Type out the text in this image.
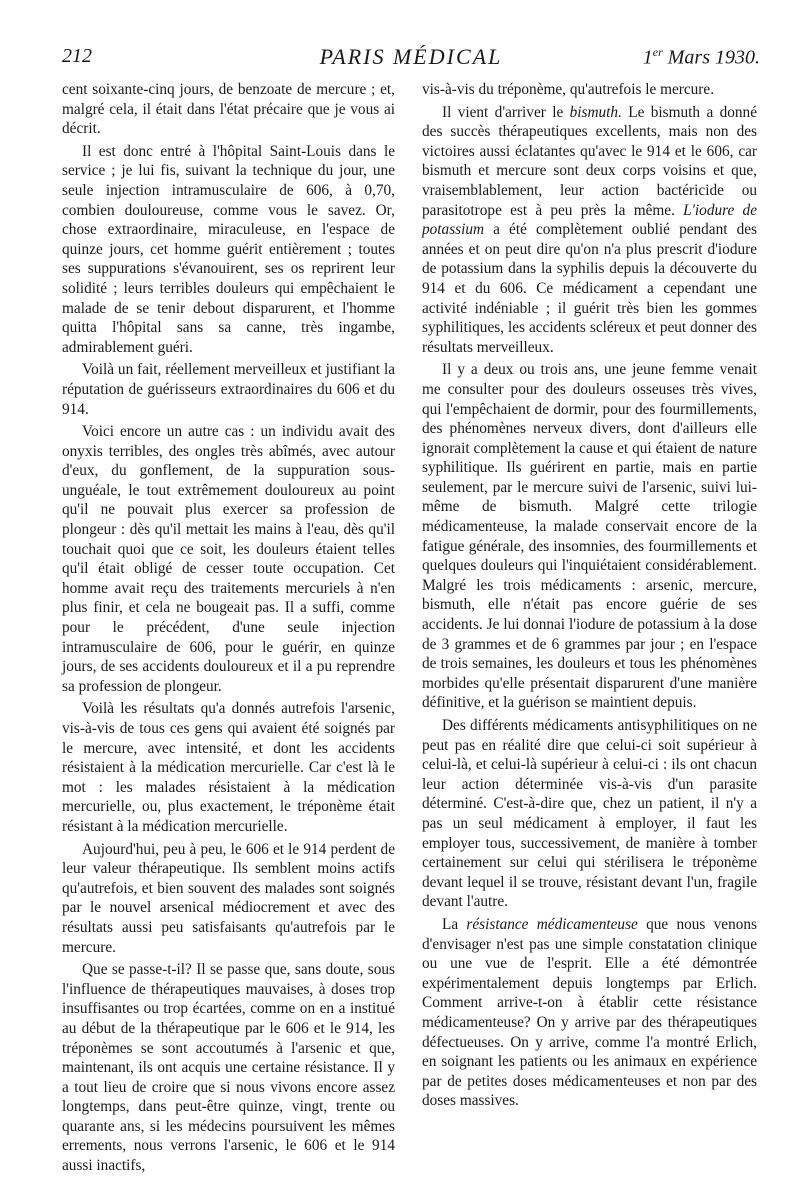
212	PARIS MÉDICAL	1er Mars 1930.

cent soixante-cinq jours, de benzoate de mercure ; et, malgré cela, il était dans l'état précaire que je vous ai décrit.

Il est donc entré à l'hôpital Saint-Louis dans le service ; je lui fis, suivant la technique du jour, une seule injection intramusculaire de 606, à 0,70, combien douloureuse, comme vous le savez. Or, chose extraordinaire, miraculeuse, en l'espace de quinze jours, cet homme guérit entièrement ; toutes ses suppurations s'évanouirent, ses os reprirent leur solidité ; leurs terribles douleurs qui empêchaient le malade de se tenir debout disparurent, et l'homme quitta l'hôpital sans sa canne, très ingambe, admirablement guéri.

Voilà un fait, réellement merveilleux et justifiant la réputation de guérisseurs extraordinaires du 606 et du 914.

Voici encore un autre cas : un individu avait des onyxis terribles, des ongles très abîmés, avec autour d'eux, du gonflement, de la suppuration sous-unguéale, le tout extrêmement douloureux au point qu'il ne pouvait plus exercer sa profession de plongeur : dès qu'il mettait les mains à l'eau, dès qu'il touchait quoi que ce soit, les douleurs étaient telles qu'il était obligé de cesser toute occupation. Cet homme avait reçu des traitements mercuriels à n'en plus finir, et cela ne bougeait pas. Il a suffi, comme pour le précédent, d'une seule injection intramusculaire de 606, pour le guérir, en quinze jours, de ses accidents douloureux et il a pu reprendre sa profession de plongeur.

Voilà les résultats qu'a donnés autrefois l'arsenic, vis-à-vis de tous ces gens qui avaient été soignés par le mercure, avec intensité, et dont les accidents résistaient à la médication mercurielle. Car c'est là le mot : les malades résistaient à la médication mercurielle, ou, plus exactement, le tréponème était résistant à la médication mercurielle.

Aujourd'hui, peu à peu, le 606 et le 914 perdent de leur valeur thérapeutique. Ils semblent moins actifs qu'autrefois, et bien souvent des malades sont soignés par le nouvel arsenical médiocrement et avec des résultats aussi peu satisfaisants qu'autrefois par le mercure.

Que se passe-t-il? Il se passe que, sans doute, sous l'influence de thérapeutiques mauvaises, à doses trop insuffisantes ou trop écartées, comme on en a institué au début de la thérapeutique par le 606 et le 914, les tréponèmes se sont accoutumés à l'arsenic et que, maintenant, ils ont acquis une certaine résistance. Il y a tout lieu de croire que si nous vivons encore assez longtemps, dans peut-être quinze, vingt, trente ou quarante ans, si les médecins poursuivent les mêmes errements, nous verrons l'arsenic, le 606 et le 914 aussi inactifs,

vis-à-vis du tréponème, qu'autrefois le mercure.

Il vient d'arriver le bismuth. Le bismuth a donné des succès thérapeutiques excellents, mais non des victoires aussi éclatantes qu'avec le 914 et le 606, car bismuth et mercure sont deux corps voisins et que, vraisemblablement, leur action bactéricide ou parasitotrope est à peu près la même. L'iodure de potassium a été complètement oublié pendant des années et on peut dire qu'on n'a plus prescrit d'iodure de potassium dans la syphilis depuis la découverte du 914 et du 606. Ce médicament a cependant une activité indéniable ; il guérit très bien les gommes syphilitiques, les accidents scléreux et peut donner des résultats merveilleux.

Il y a deux ou trois ans, une jeune femme venait me consulter pour des douleurs osseuses très vives, qui l'empêchaient de dormir, pour des fourmillements, des phénomènes nerveux divers, dont d'ailleurs elle ignorait complètement la cause et qui étaient de nature syphilitique. Ils guérirent en partie, mais en partie seulement, par le mercure suivi de l'arsenic, suivi lui-même de bismuth. Malgré cette trilogie médicamenteuse, la malade conservait encore de la fatigue générale, des insomnies, des fourmillements et quelques douleurs qui l'inquiétaient considérablement. Malgré les trois médicaments : arsenic, mercure, bismuth, elle n'était pas encore guérie de ses accidents. Je lui donnai l'iodure de potassium à la dose de 3 grammes et de 6 grammes par jour ; en l'espace de trois semaines, les douleurs et tous les phénomènes morbides qu'elle présentait disparurent d'une manière définitive, et la guérison se maintient depuis.

Des différents médicaments antisyphilitiques on ne peut pas en réalité dire que celui-ci soit supérieur à celui-là, et celui-là supérieur à celui-ci : ils ont chacun leur action déterminée vis-à-vis d'un parasite déterminé. C'est-à-dire que, chez un patient, il n'y a pas un seul médicament à employer, il faut les employer tous, successivement, de manière à tomber certainement sur celui qui stérilisera le tréponème devant lequel il se trouve, résistant devant l'un, fragile devant l'autre.

La résistance médicamenteuse que nous venons d'envisager n'est pas une simple constatation clinique ou une vue de l'esprit. Elle a été démontrée expérimentalement depuis longtemps par Erlich. Comment arrive-t-on à établir cette résistance médicamenteuse? On y arrive par des thérapeutiques défectueuses. On y arrive, comme l'a montré Erlich, en soignant les patients ou les animaux en expérience par de petites doses médicamenteuses et non par des doses massives.
